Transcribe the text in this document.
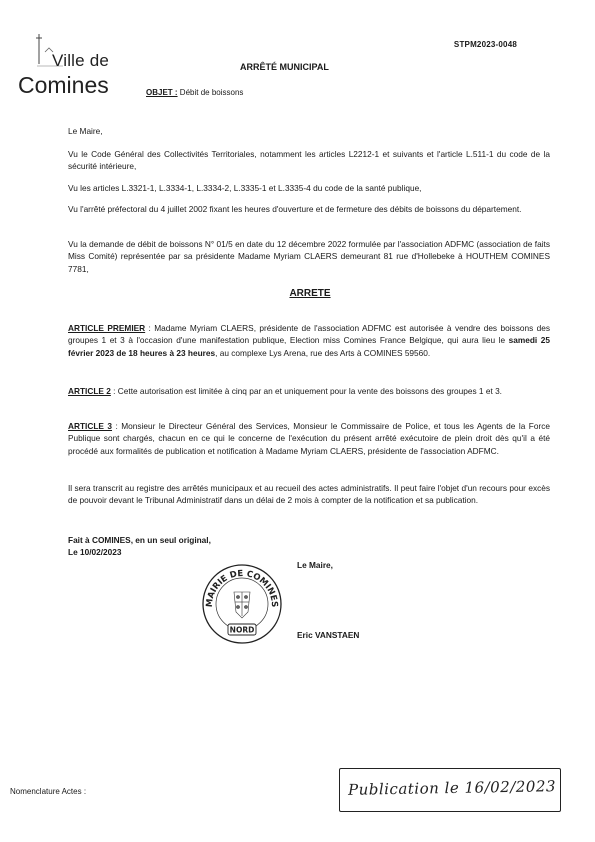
Ville de
Comines
STPM2023-0048
ARRÊTÉ MUNICIPAL
OBJET : Débit de boissons
Le Maire,
Vu le Code Général des Collectivités Territoriales, notamment les articles L2212-1 et suivants et l'article L.511-1 du code de la sécurité intérieure,
Vu les articles L.3321-1, L.3334-1, L.3334-2, L.3335-1 et L.3335-4 du code de la santé publique,
Vu l'arrêté préfectoral du 4 juillet 2002 fixant les heures d'ouverture et de fermeture des débits de boissons du département.
Vu la demande de débit de boissons N° 01/5 en date du 12 décembre 2022 formulée par l'association ADFMC (association de faits Miss Comité) représentée par sa présidente Madame Myriam CLAERS demeurant 81 rue d'Hollebeke à HOUTHEM COMINES 7781,
ARRETE
ARTICLE PREMIER : Madame Myriam CLAERS, présidente de l'association ADFMC est autorisée à vendre des boissons des groupes 1 et 3 à l'occasion d'une manifestation publique, Election miss Comines France Belgique, qui aura lieu le samedi 25 février 2023 de 18 heures à 23 heures, au complexe Lys Arena, rue des Arts à COMINES 59560.
ARTICLE 2 : Cette autorisation est limitée à cinq par an et uniquement pour la vente des boissons des groupes 1 et 3.
ARTICLE 3 : Monsieur le Directeur Général des Services, Monsieur le Commissaire de Police, et tous les Agents de la Force Publique sont chargés, chacun en ce qui le concerne de l'exécution du présent arrêté exécutoire de plein droit dès qu'il a été procédé aux formalités de publication et notification à Madame Myriam CLAERS, présidente de l'association ADFMC.
Il sera transcrit au registre des arrêtés municipaux et au recueil des actes administratifs. Il peut faire l'objet d'un recours pour excès de pouvoir devant le Tribunal Administratif dans un délai de 2 mois à compter de la notification et sa publication.
Fait à COMINES, en un seul original,
Le 10/02/2023
Le Maire,
Eric VANSTAEN
MAIRIE DE COMINES
NORD
Nomenclature Actes :	Publication le 16/02/2023
